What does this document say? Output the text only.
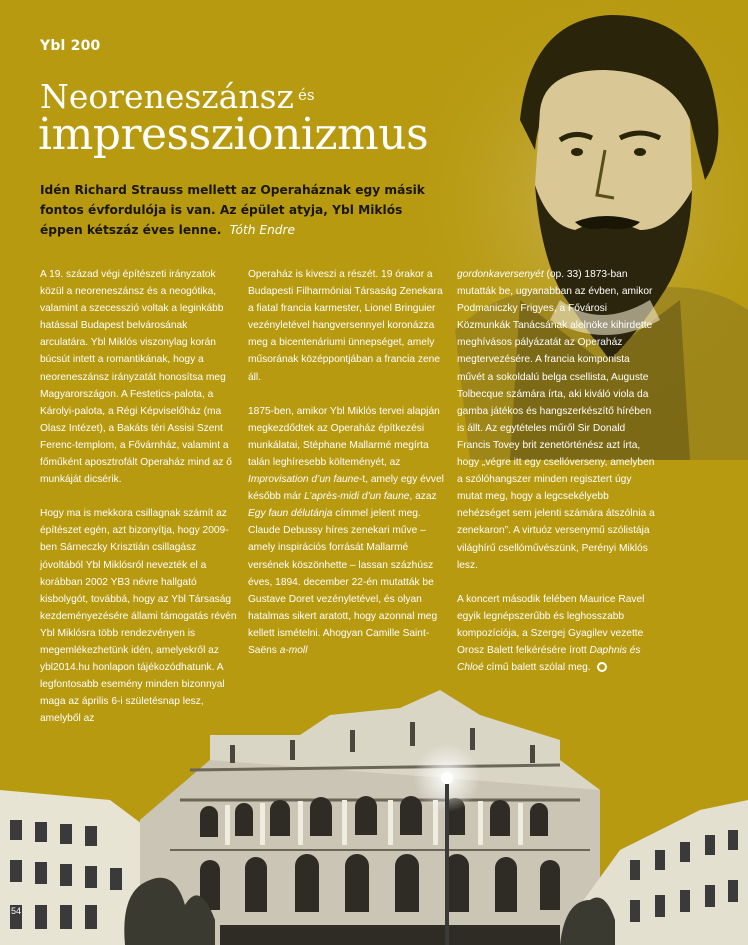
Ybl 200
Neoreneszánsz $^{és}$
impresszionizmus
Idén Richard Strauss mellett az Operaháznak egy másik fontos évfordulója is van. Az épület atyja, Ybl Miklós éppen kétszáz éves lenne. Tóth Endre

A 19. század végi építészeti irányzatok közül a neoreneszánsz és a neogótika, valamint a szecesszió voltak a leginkább hatással Budapest belvárosának arculatára. Ybl Miklós viszonylag korán búcsút intett a romantikának, hogy a neoreneszánsz irányzatát honosítsa meg Magyarországon. A Festetics-palota, a Károlyi-palota, a Régi Képviselőház (ma Olasz Intézet), a Bakáts téri Assisi Szent Ferenc-templom, a Fővárnház, valamint a főműként aposztrofált Operaház mind az ő munkáját dicsérik.

Hogy ma is mekkora csillagnak számít az építészet egén, azt bizonyítja, hogy 2009-ben Sárneczky Krisztián csillagász jóvoltából Ybl Miklósról nevezték el a korábban 2002 YB3 névre hallgató kisbolygót, továbbá, hogy az Ybl Társaság kezdeményezésére állami támogatás révén Ybl Miklósra több rendezvényen is megemlékezhetünk idén, amelyekről az ybl2014.hu honlapon tájékozódhatunk. A legfontosabb esemény minden bizonnyal maga az április 6-i születésnap lesz, amelyből az

Operaház is kiveszi a részét. 19 órakor a Budapesti Filharmóniai Társaság Zenekara a fiatal francia karmester, Lionel Bringuier vezényletével hangversennyel koronázza meg a bicentenáriumi ünnepséget, amely műsorának középpontjában a francia zene áll.

1875-ben, amikor Ybl Miklós tervei alapján megkezdődtek az Operaház építkezési munkálatai, Stéphane Mallarmé megírta talán leghíresebb költeményét, az Improvisation d’un faune-t, amely egy évvel később már L’après-midi d’un faune, azaz Egy faun délutánja címmel jelent meg. Claude Debussy híres zenekari műve – amely inspirációs forrását Mallarmé versének köszönhette – lassan százhúsz éves, 1894. december 22-én mutatták be Gustave Doret vezényletével, és olyan hatalmas sikert aratott, hogy azonnal meg kellett ismételni. Ahogyan Camille Saint-Saëns a-moll

gordonkaversenyét (op. 33) 1873-ban mutatták be, ugyanabban az évben, amikor Podmaniczky Frigyes, a Fővárosi Közmunkák Tanácsának alelnöke kihirdette meghívásos pályázatát az Operaház megtervezésére. A francia komponista művét a sokoldalú belga csellista, Auguste Tolbecque számára írta, aki kiváló viola da gamba játékos és hangszerkészítő hírében is állt. Az egytételes műről Sir Donald Francis Tovey brit zenetörténész azt írta, hogy „végre itt egy csellóverseny, amelyben a szólóhangszer minden regisztert úgy mutat meg, hogy a legcsekélyebb nehézséget sem jelenti számára átszólnia a zenekaron”. A virtuóz versenymű szólistája világhírű csellóművészünk, Perényi Miklós lesz.

A koncert második felében Maurice Ravel egyik legnépszerűbb és leghosszabb kompozíciója, a Szergej Gyagilev vezette Orosz Balett felkérésére írott Daphnis és Chloé című balett szólal meg.

54
